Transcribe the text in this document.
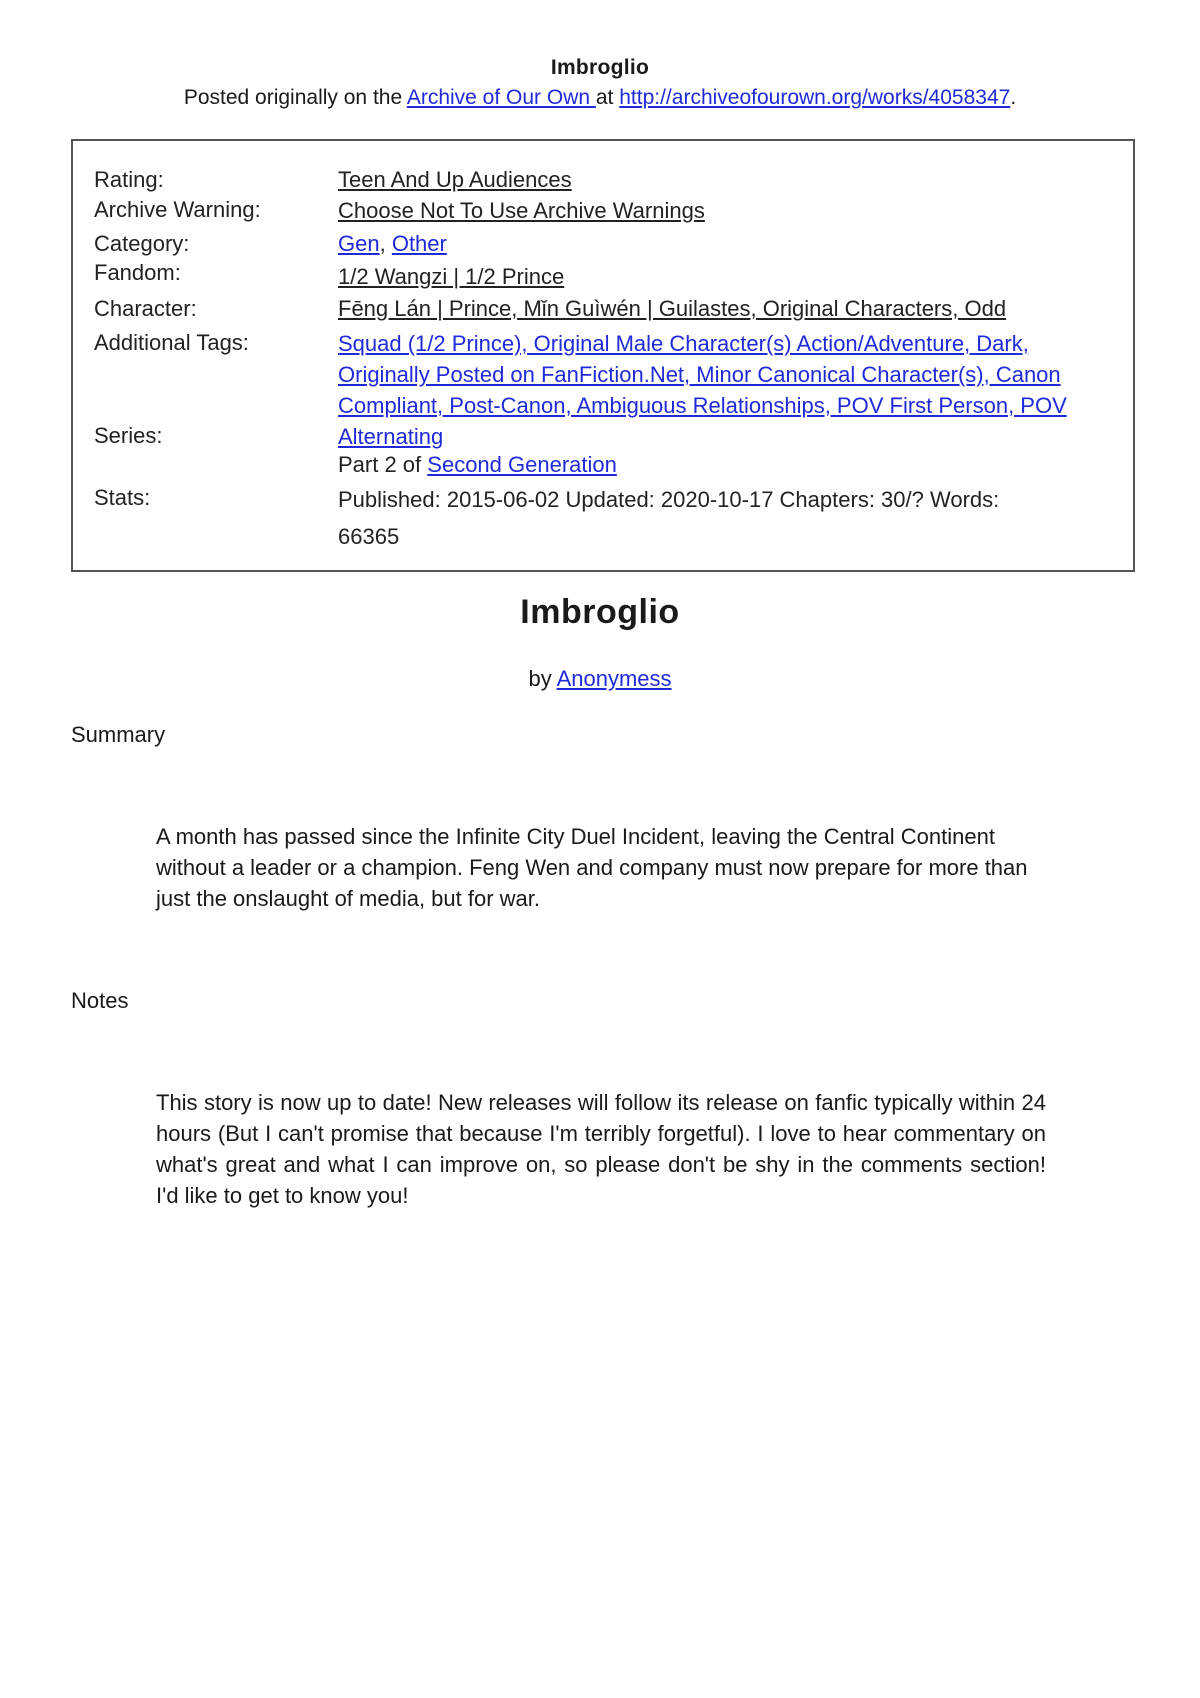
Imbroglio
Posted originally on the Archive of Our Own at http://archiveofourown.org/works/4058347.
Rating:	Teen And Up Audiences
Archive Warning:	Choose Not To Use Archive Warnings
Category:	Gen, Other
Fandom:	1/2 Wangzi | 1/2 Prince
Character:	Fēng Lán | Prince, Mǐn Guìwén | Guilastes, Original Characters, Odd
Additional Tags:	Squad (1/2 Prince), Original Male Character(s) Action/Adventure, Dark, Originally Posted on FanFiction.Net, Minor Canonical Character(s), Canon Compliant, Post-Canon, Ambiguous Relationships, POV First Person, POV Alternating
Series:
Part 2 of Second Generation
Stats:	Published: 2015-06-02 Updated: 2020-10-17 Chapters: 30/? Words:
66365
Imbroglio
by Anonymess
Summary
A month has passed since the Infinite City Duel Incident, leaving the Central Continent without a leader or a champion. Feng Wen and company must now prepare for more than just the onslaught of media, but for war.
Notes
This story is now up to date! New releases will follow its release on fanfic typically within 24 hours (But I can't promise that because I'm terribly forgetful). I love to hear commentary on what's great and what I can improve on, so please don't be shy in the comments section! I'd like to get to know you!
